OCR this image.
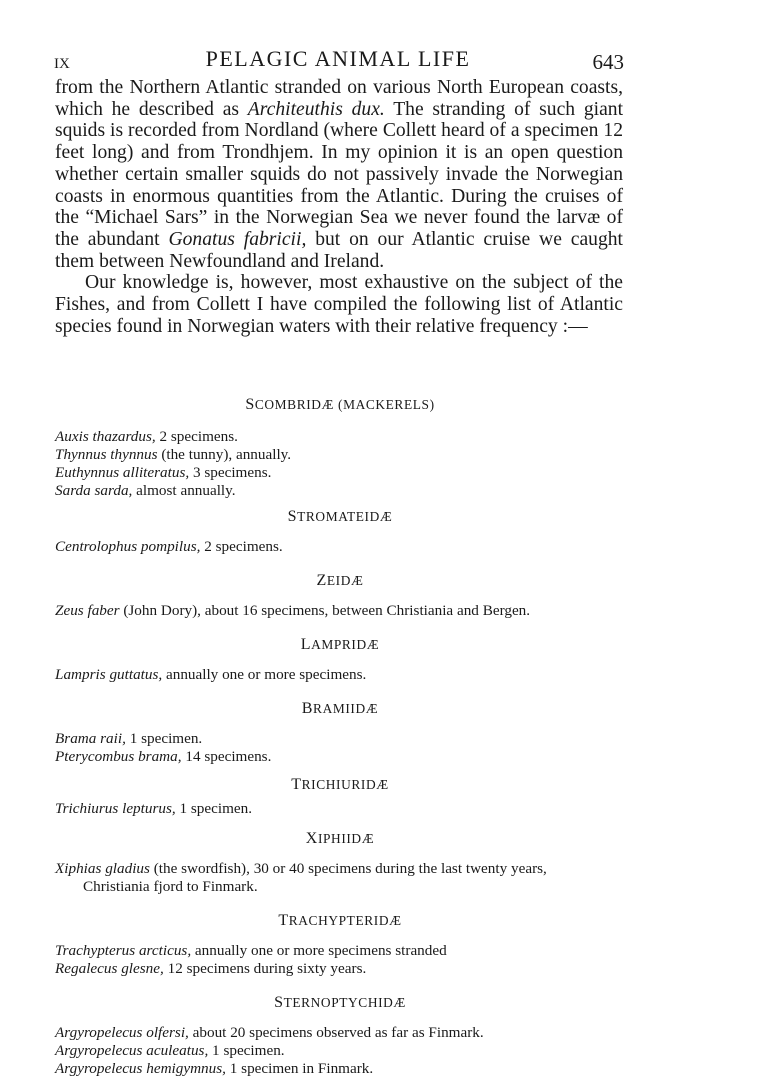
IX	PELAGIC ANIMAL LIFE	643

from the Northern Atlantic stranded on various North European coasts, which he described as Architeuthis dux. The stranding of such giant squids is recorded from Nordland (where Collett heard of a specimen 12 feet long) and from Trondhjem. In my opinion it is an open question whether certain smaller squids do not passively invade the Norwegian coasts in enormous quantities from the Atlantic. During the cruises of the “Michael Sars” in the Norwegian Sea we never found the larvæ of the abundant Gonatus fabricii, but on our Atlantic cruise we caught them between Newfoundland and Ireland.

Our knowledge is, however, most exhaustive on the subject of the Fishes, and from Collett I have compiled the following list of Atlantic species found in Norwegian waters with their relative frequency :—

SCOMBRIDÆ (MACKERELS)

Auxis thazardus, 2 specimens.

Thynnus thynnus (the tunny), annually.

Euthynnus alliteratus, 3 specimens.

Sarda sarda, almost annually.

STROMATEIDÆ

Centrolophus pompilus, 2 specimens.

ZEIDÆ

Zeus faber (John Dory), about 16 specimens, between Christiania and Bergen.

LAMPRIDÆ

Lampris guttatus, annually one or more specimens.

BRAMIIDÆ

Brama raii, 1 specimen.

Pterycombus brama, 14 specimens.

TRICHIURIDÆ

Trichiurus lepturus, 1 specimen.

XIPHIIDÆ

Xiphias gladius (the swordfish), 30 or 40 specimens during the last twenty years,

Christiania fjord to Finmark.

TRACHYPTERIDÆ

Trachypterus arcticus, annually one or more specimens stranded

Regalecus glesne, 12 specimens during sixty years.

STERNOPTYCHIDÆ

Argyropelecus olfersi, about 20 specimens observed as far as Finmark.

Argyropelecus aculeatus, 1 specimen.

Argyropelecus hemigymnus, 1 specimen in Finmark.
